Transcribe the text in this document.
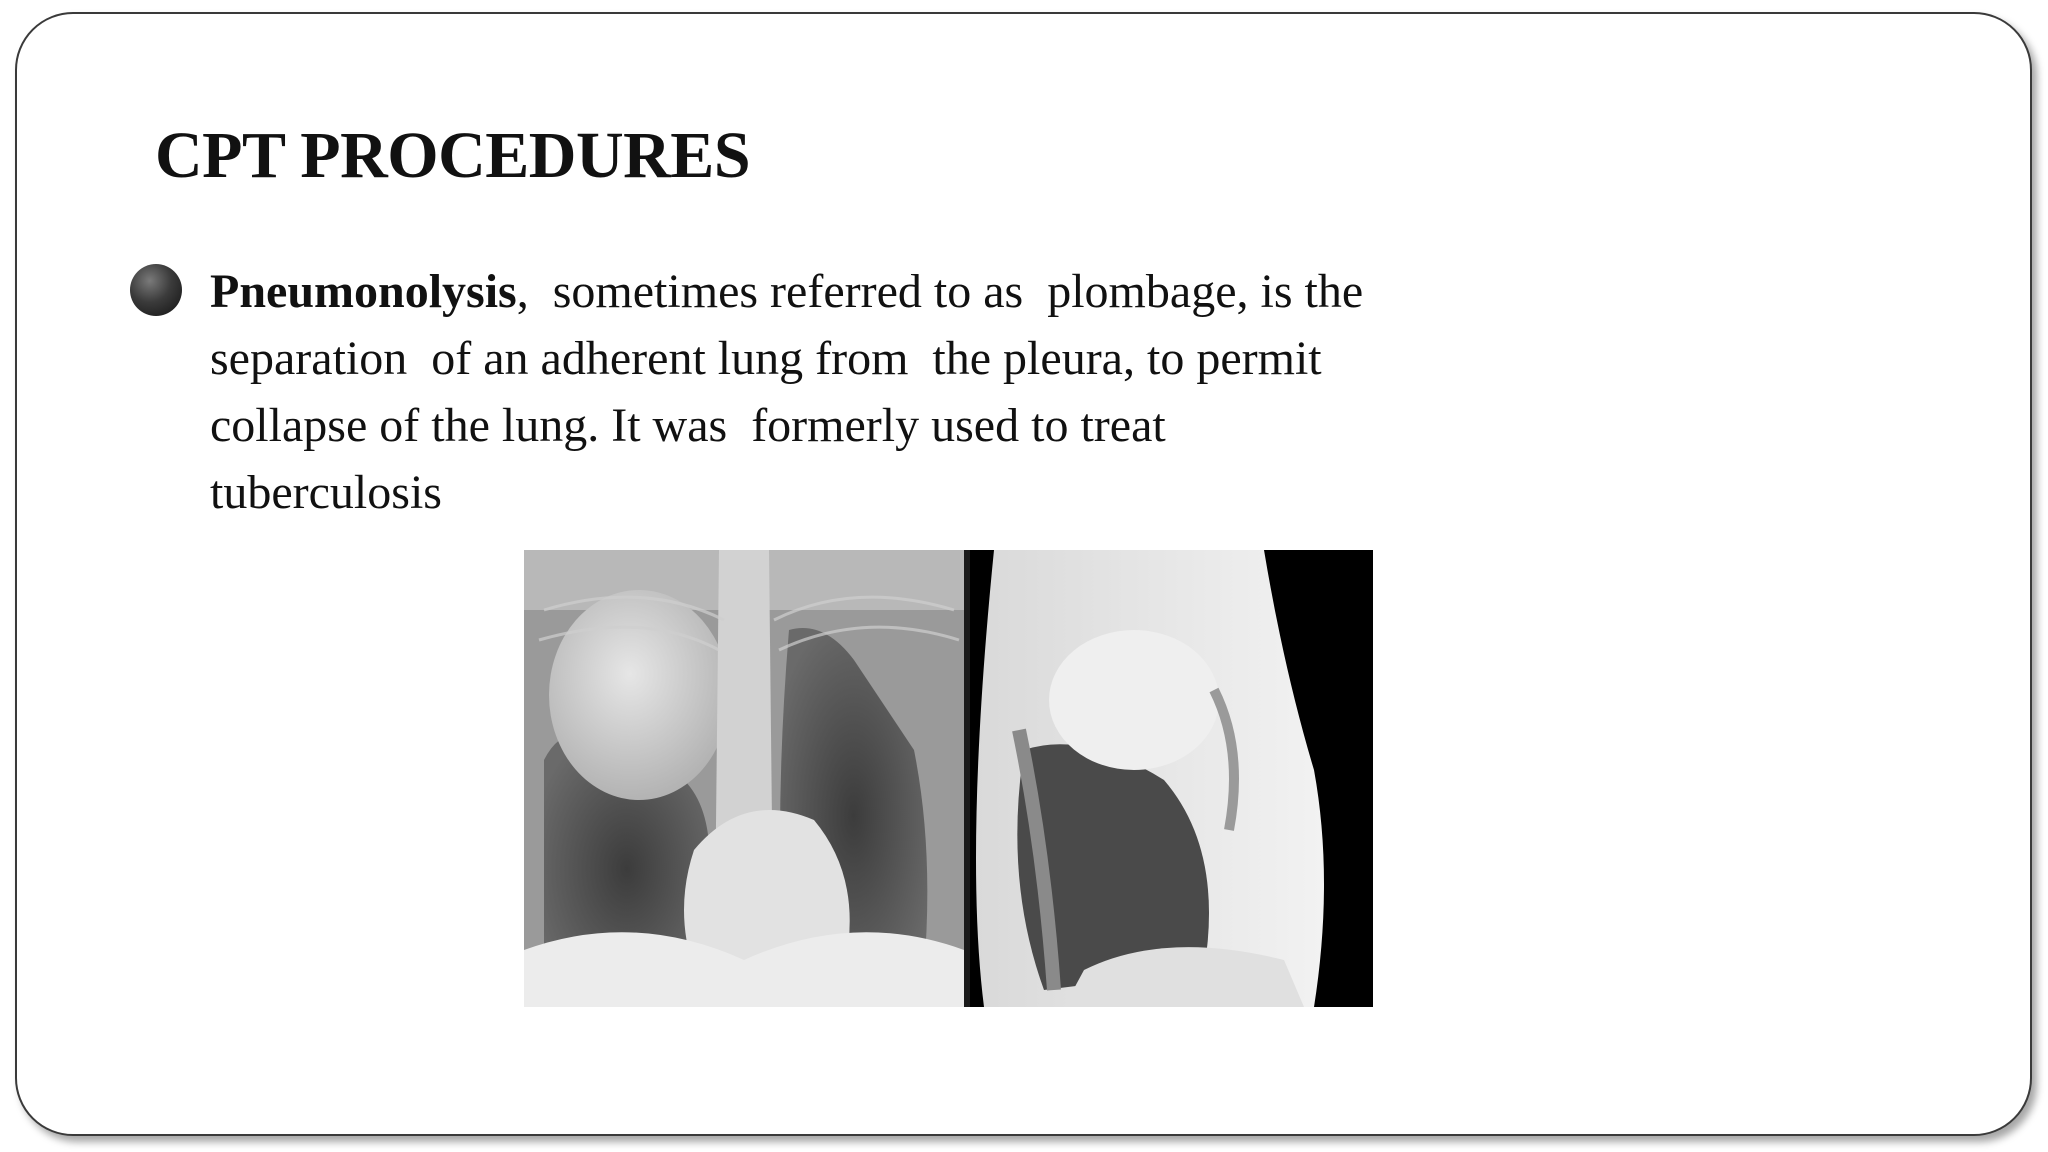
CPT PROCEDURES
Pneumonolysis,  sometimes referred to as  plombage, is the
separation  of an adherent lung from  the pleura, to permit
collapse of the lung. It was  formerly used to treat
tuberculosis
